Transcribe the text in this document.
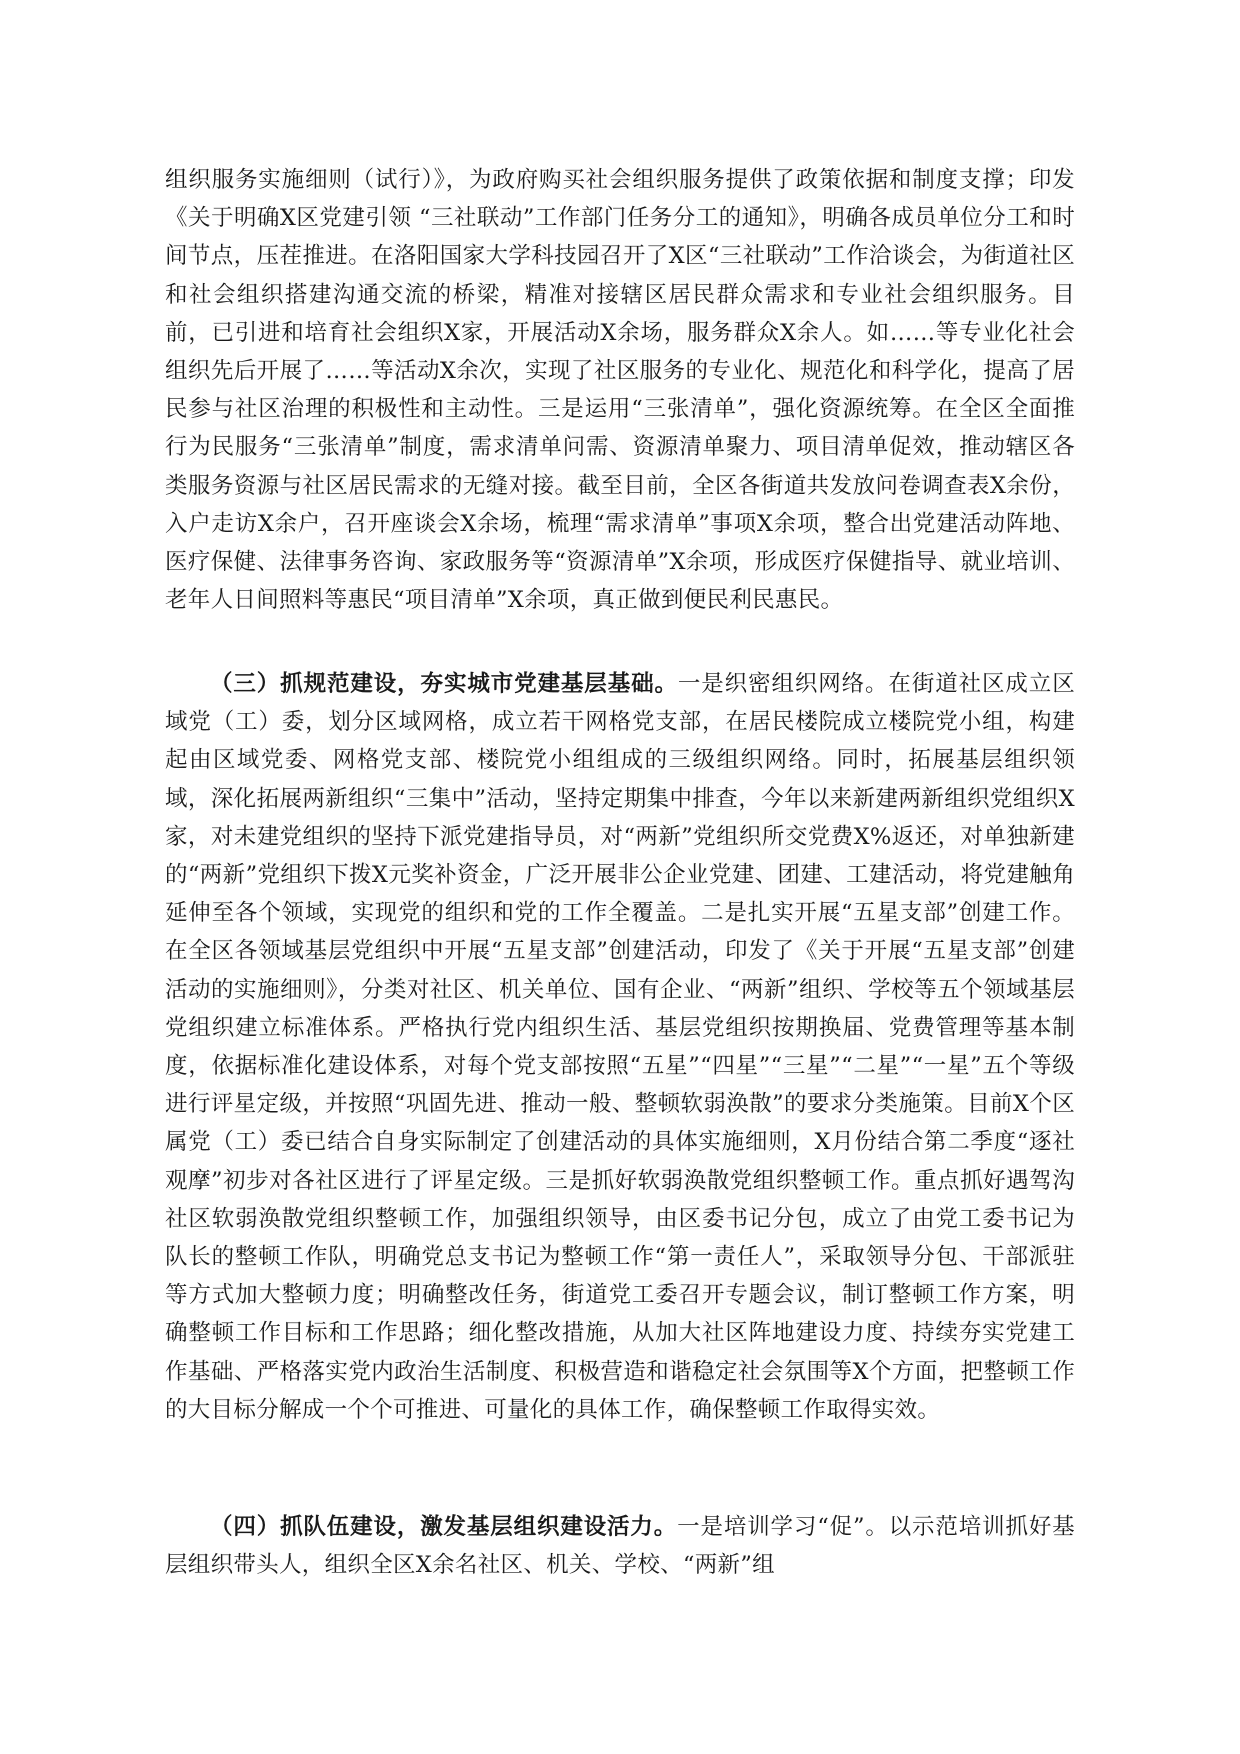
组织服务实施细则（试行）》，为政府购买社会组织服务提供了政策依据和制度支撑；印发《关于明确X区党建引领 “三社联动”工作部门任务分工的通知》，明确各成员单位分工和时间节点，压茬推进。在洛阳国家大学科技园召开了X区“三社联动”工作洽谈会，为街道社区和社会组织搭建沟通交流的桥梁，精准对接辖区居民群众需求和专业社会组织服务。目前，已引进和培育社会组织X家，开展活动X余场，服务群众X余人。如……等专业化社会组织先后开展了……等活动X余次，实现了社区服务的专业化、规范化和科学化，提高了居民参与社区治理的积极性和主动性。三是运用“三张清单”，强化资源统筹。在全区全面推行为民服务“三张清单”制度，需求清单问需、资源清单聚力、项目清单促效，推动辖区各类服务资源与社区居民需求的无缝对接。截至目前，全区各街道共发放问卷调查表X余份，入户走访X余户，召开座谈会X余场，梳理“需求清单”事项X余项，整合出党建活动阵地、医疗保健、法律事务咨询、家政服务等“资源清单”X余项，形成医疗保健指导、就业培训、老年人日间照料等惠民“项目清单”X余项，真正做到便民利民惠民。

（三）抓规范建设，夯实城市党建基层基础。一是织密组织网络。在街道社区成立区域党（工）委，划分区域网格，成立若干网格党支部，在居民楼院成立楼院党小组，构建起由区域党委、网格党支部、楼院党小组组成的三级组织网络。同时，拓展基层组织领域，深化拓展两新组织“三集中”活动，坚持定期集中排查，今年以来新建两新组织党组织X家，对未建党组织的坚持下派党建指导员，对“两新”党组织所交党费X%返还，对单独新建的“两新”党组织下拨X元奖补资金，广泛开展非公企业党建、团建、工建活动，将党建触角延伸至各个领域，实现党的组织和党的工作全覆盖。二是扎实开展“五星支部”创建工作。在全区各领域基层党组织中开展“五星支部”创建活动，印发了《关于开展“五星支部”创建活动的实施细则》，分类对社区、机关单位、国有企业、“两新”组织、学校等五个领域基层党组织建立标准体系。严格执行党内组织生活、基层党组织按期换届、党费管理等基本制度，依据标准化建设体系，对每个党支部按照“五星”“四星”“三星”“二星”“一星”五个等级进行评星定级，并按照“巩固先进、推动一般、整顿软弱涣散”的要求分类施策。目前X个区属党（工）委已结合自身实际制定了创建活动的具体实施细则，X月份结合第二季度“逐社观摩”初步对各社区进行了评星定级。三是抓好软弱涣散党组织整顿工作。重点抓好遇驾沟社区软弱涣散党组织整顿工作，加强组织领导，由区委书记分包，成立了由党工委书记为队长的整顿工作队，明确党总支书记为整顿工作“第一责任人”，采取领导分包、干部派驻等方式加大整顿力度；明确整改任务，街道党工委召开专题会议，制订整顿工作方案，明确整顿工作目标和工作思路；细化整改措施，从加大社区阵地建设力度、持续夯实党建工作基础、严格落实党内政治生活制度、积极营造和谐稳定社会氛围等X个方面，把整顿工作的大目标分解成一个个可推进、可量化的具体工作，确保整顿工作取得实效。

（四）抓队伍建设，激发基层组织建设活力。一是培训学习“促”。以示范培训抓好基层组织带头人，组织全区X余名社区、机关、学校、“两新”组
